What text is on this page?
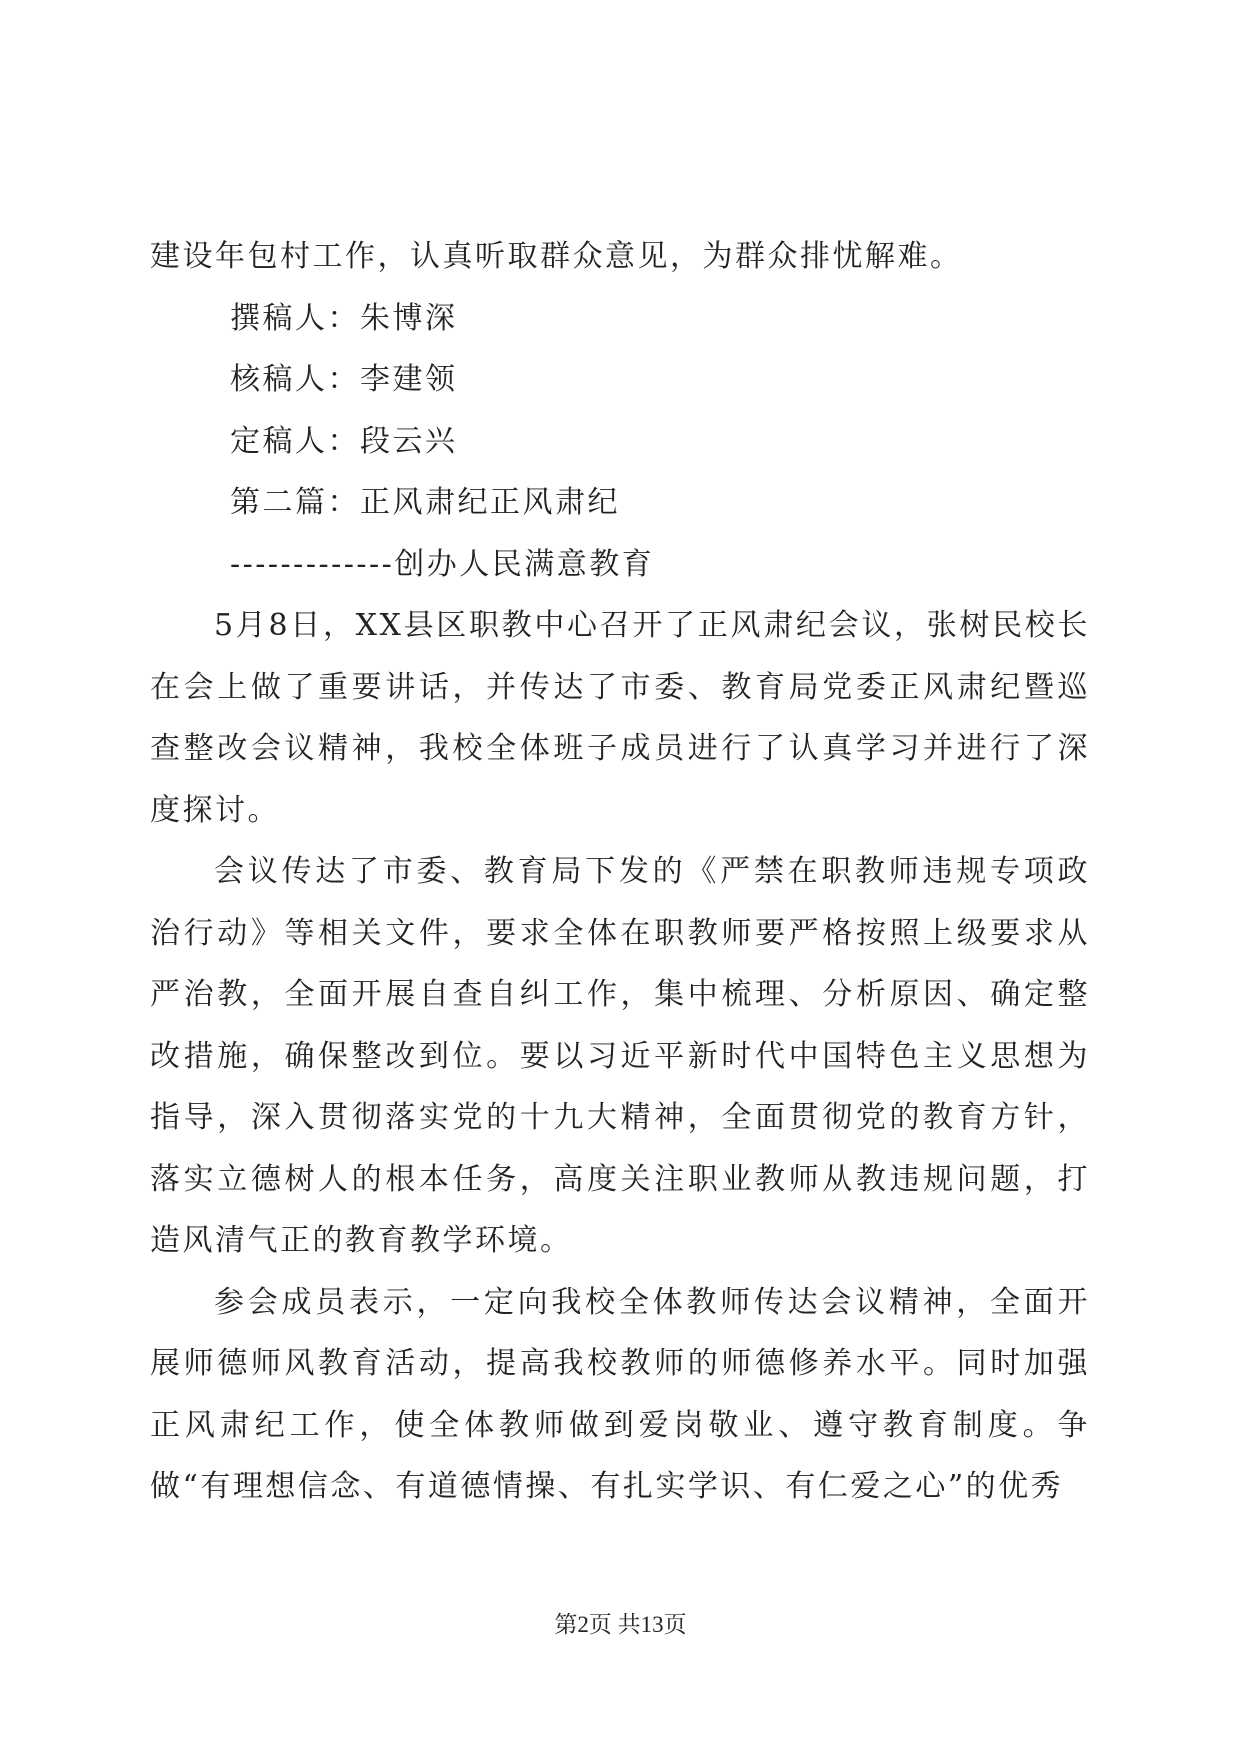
建设年包村工作，认真听取群众意见，为群众排忧解难。

撰稿人：朱博深

核稿人：李建领

定稿人：段云兴

第二篇：正风肃纪正风肃纪

-------------创办人民满意教育

5月8日，XX县区职教中心召开了正风肃纪会议，张树民校长在会上做了重要讲话，并传达了市委、教育局党委正风肃纪暨巡查整改会议精神，我校全体班子成员进行了认真学习并进行了深度探讨。

会议传达了市委、教育局下发的《严禁在职教师违规专项政治行动》等相关文件，要求全体在职教师要严格按照上级要求从严治教，全面开展自查自纠工作，集中梳理、分析原因、确定整改措施，确保整改到位。要以习近平新时代中国特色主义思想为指导，深入贯彻落实党的十九大精神，全面贯彻党的教育方针，落实立德树人的根本任务，高度关注职业教师从教违规问题，打造风清气正的教育教学环境。

参会成员表示，一定向我校全体教师传达会议精神，全面开展师德师风教育活动，提高我校教师的师德修养水平。同时加强正风肃纪工作，使全体教师做到爱岗敬业、遵守教育制度。争做“有理想信念、有道德情操、有扎实学识、有仁爱之心”的优秀

第2页 共13页
